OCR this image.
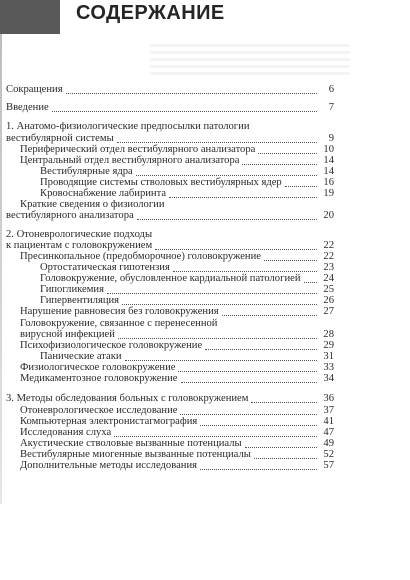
СОДЕРЖАНИЕ
Сокращения	6
Введение	7
1. Анатомо-физиологические предпосылки патологии
вестибулярной системы	9
Периферический отдел вестибулярного анализатора	10
Центральный отдел вестибулярного анализатора	14
Вестибулярные ядра	14
Проводящие системы стволовых вестибулярных ядер	16
Кровоснабжение лабиринта	19
Краткие сведения о физиологии
вестибулярного анализатора	20
2. Отоневрологические подходы
к пациентам с головокружением	22
Пресинкопальное (предобморочное) головокружение	22
Ортостатическая гипотензия	23
Головокружение, обусловленное кардиальной патологией	24
Гипогликемия	25
Гипервентиляция	26
Нарушение равновесия без головокружения	27
Головокружение, связанное с перенесенной
вирусной инфекцией	28
Психофизиологическое головокружение	29
Панические атаки	31
Физиологическое головокружение	33
Медикаментозное головокружение	34
3. Методы обследования больных с головокружением	36
Отоневрологическое исследование	37
Компьютерная электронистагмография	41
Исследования слуха	47
Акустические стволовые вызванные потенциалы	49
Вестибулярные миогенные вызванные потенциалы	52
Дополнительные методы исследования	57
